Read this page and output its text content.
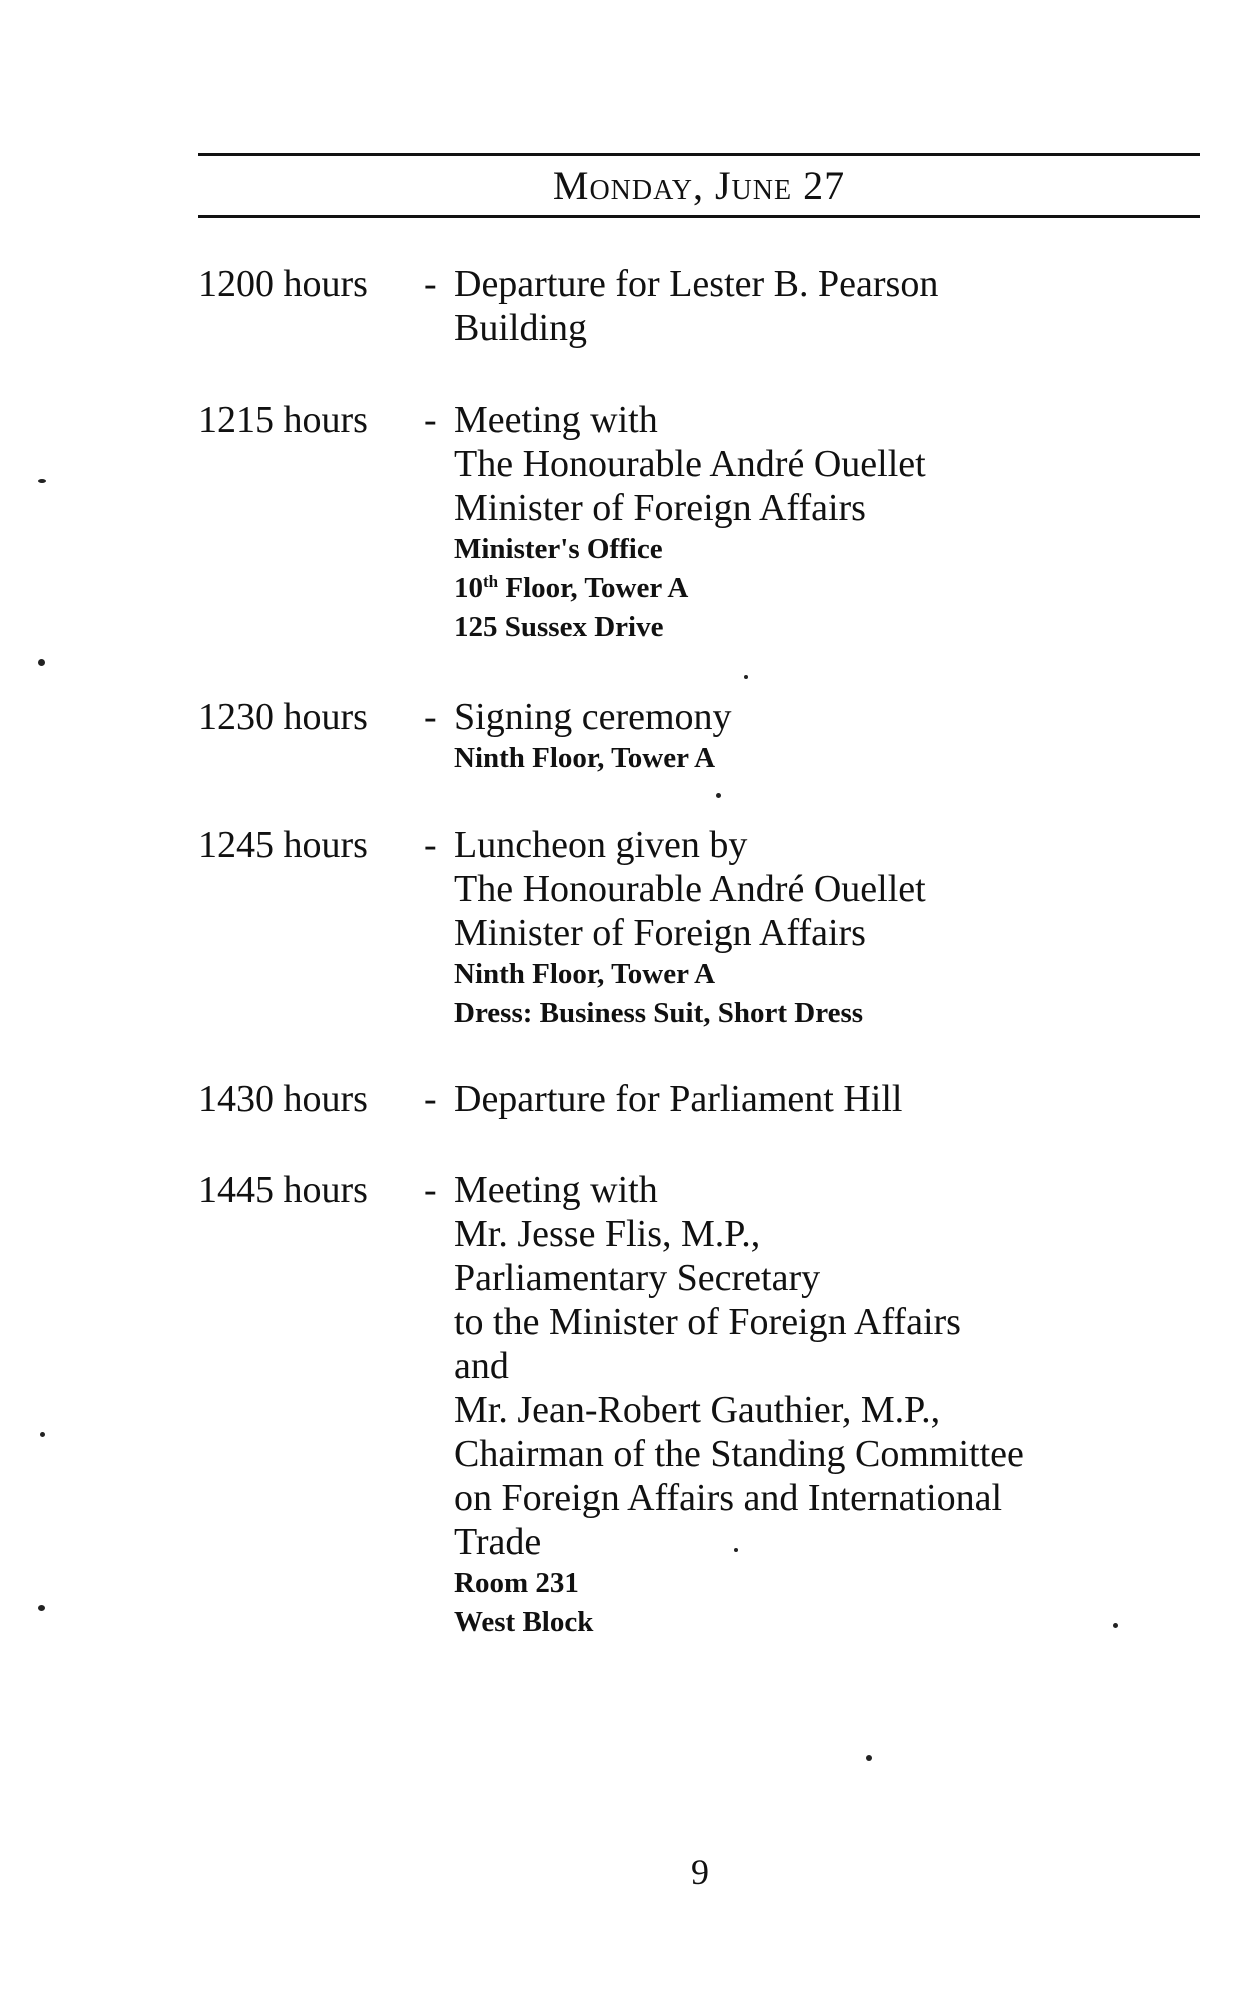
Monday, June 27
1200 hours - Departure for Lester B. Pearson
Building
1215 hours - Meeting with
The Honourable André Ouellet
Minister of Foreign Affairs
Minister's Office
10th Floor, Tower A
125 Sussex Drive
1230 hours - Signing ceremony
Ninth Floor, Tower A
1245 hours - Luncheon given by
The Honourable André Ouellet
Minister of Foreign Affairs
Ninth Floor, Tower A
Dress: Business Suit, Short Dress
1430 hours - Departure for Parliament Hill
1445 hours - Meeting with
Mr. Jesse Flis, M.P.,
Parliamentary Secretary
to the Minister of Foreign Affairs
and
Mr. Jean-Robert Gauthier, M.P.,
Chairman of the Standing Committee
on Foreign Affairs and International
Trade
Room 231
West Block
9
